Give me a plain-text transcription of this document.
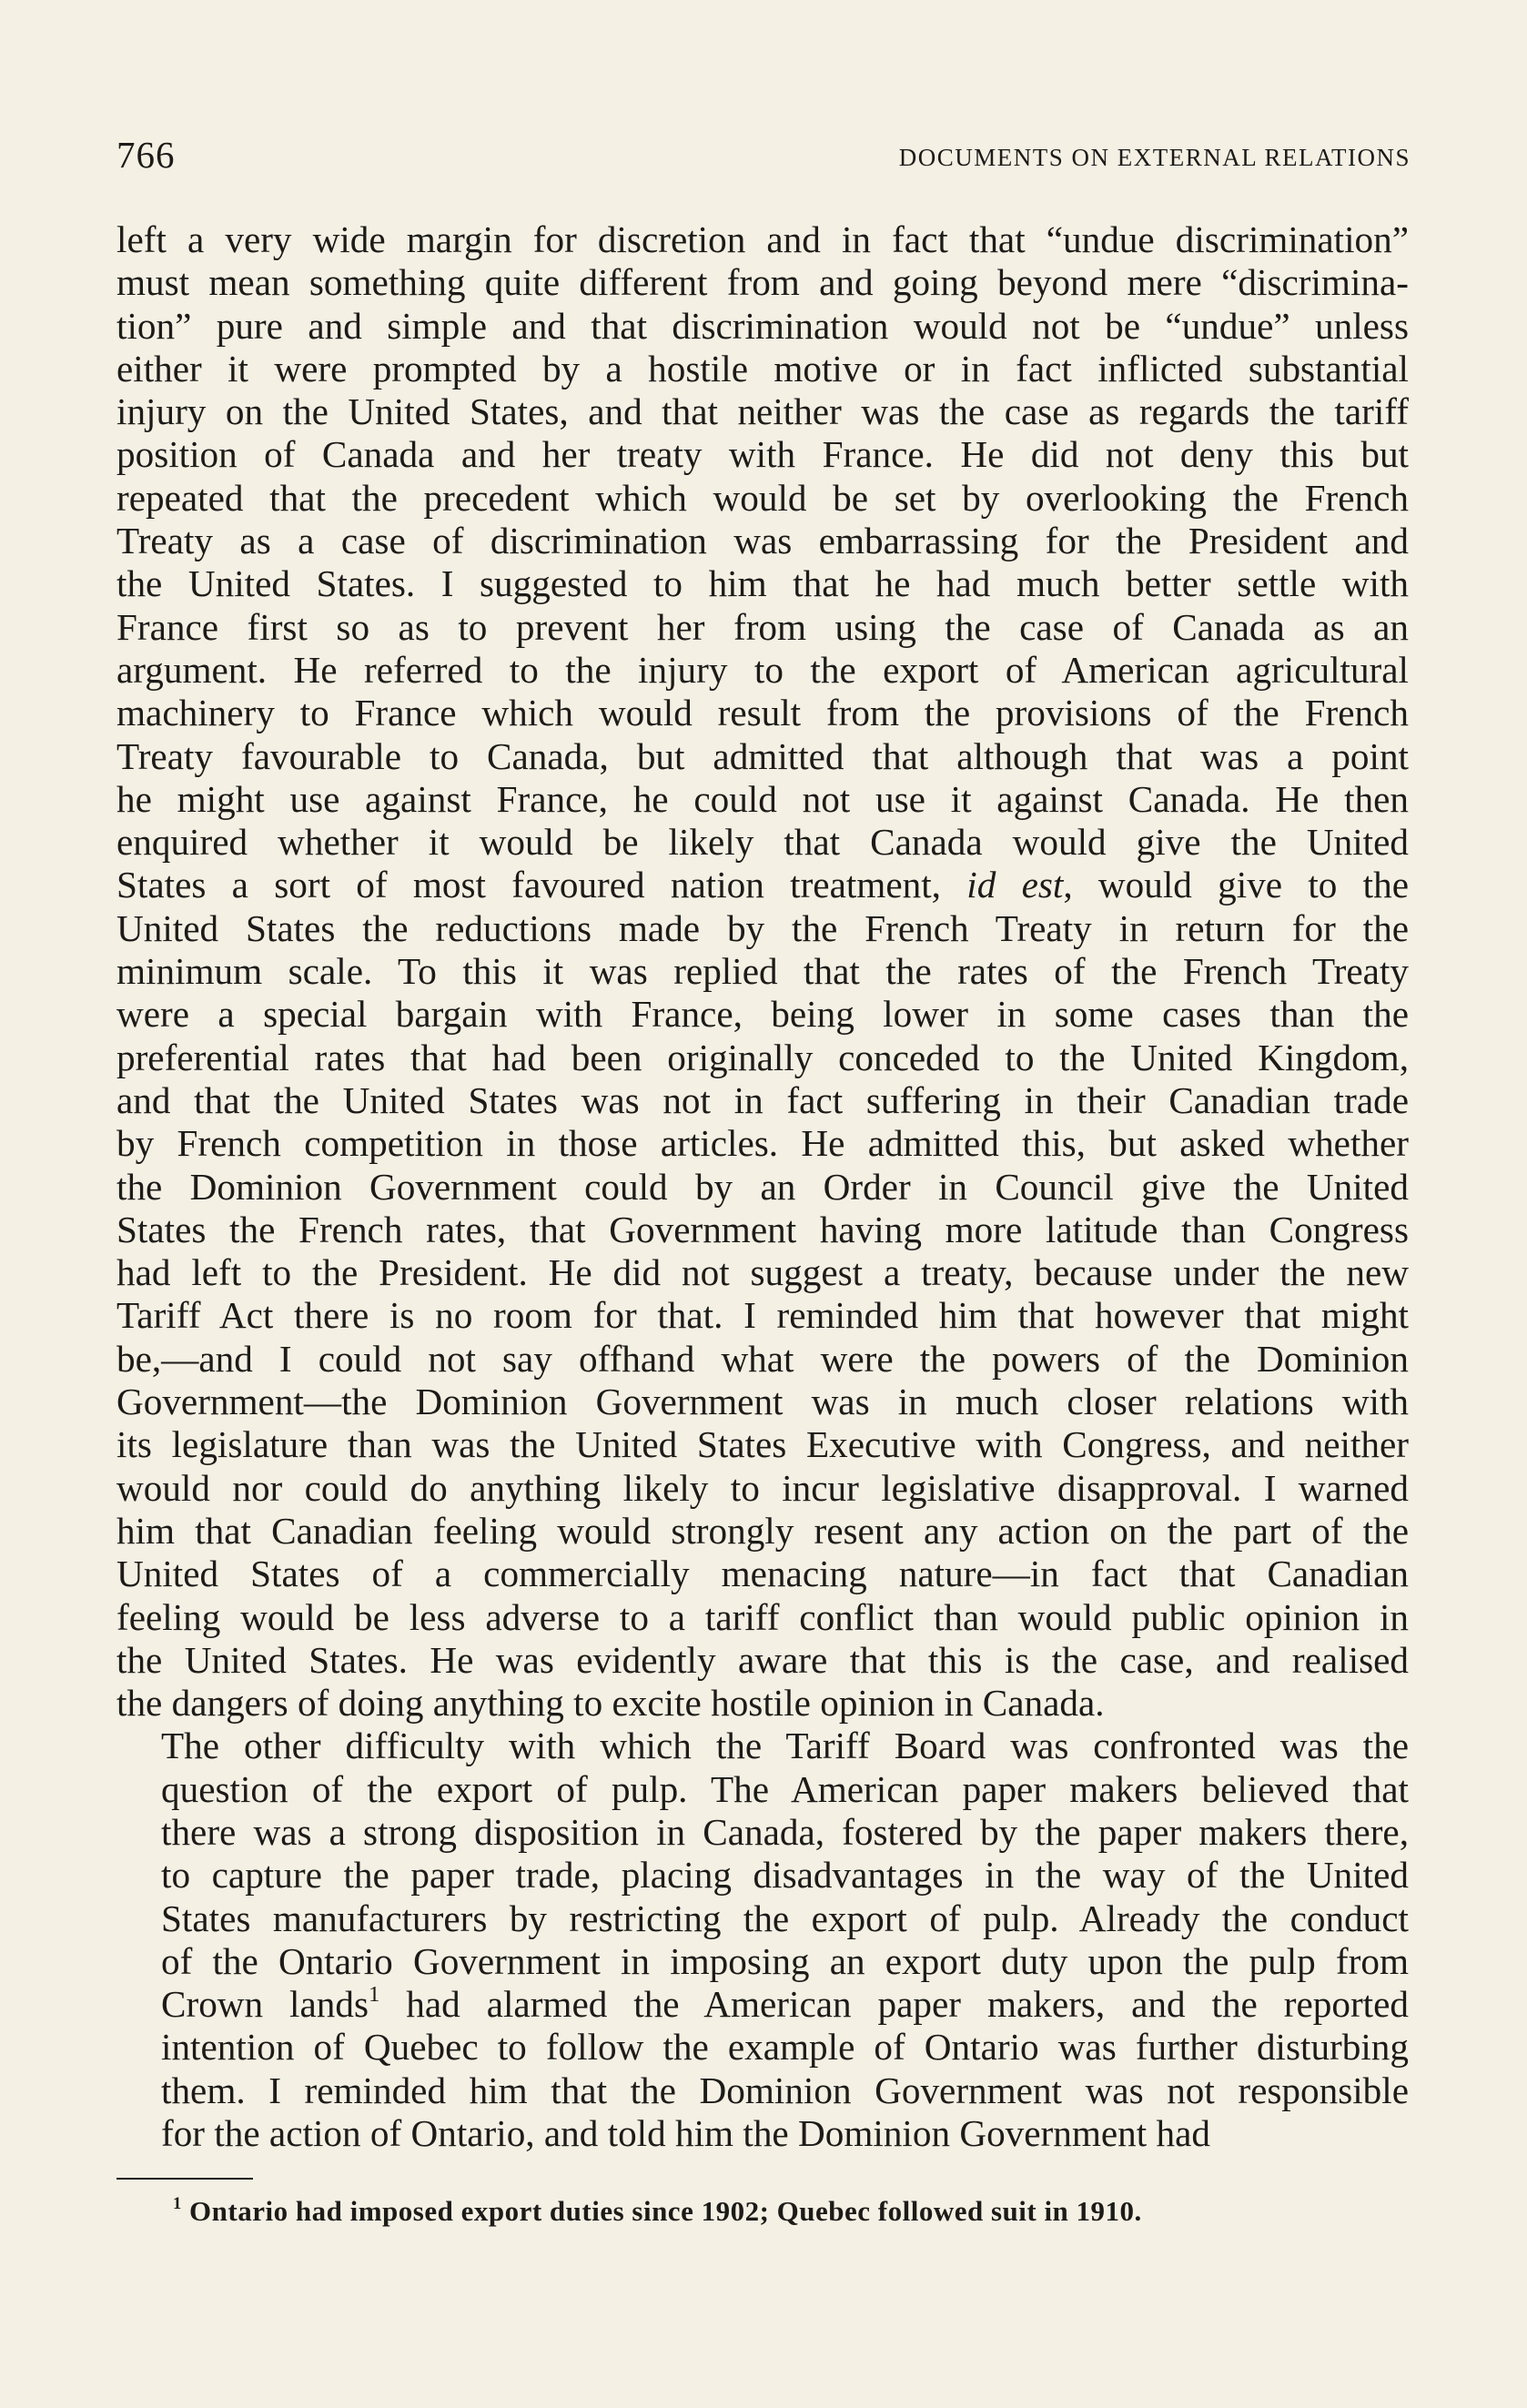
766	DOCUMENTS ON EXTERNAL RELATIONS

left a very wide margin for discretion and in fact that “undue discrimination”
must mean something quite different from and going beyond mere “discrimina-
tion” pure and simple and that discrimination would not be “undue” unless
either it were prompted by a hostile motive or in fact inflicted substantial
injury on the United States, and that neither was the case as regards the tariff
position of Canada and her treaty with France. He did not deny this but
repeated that the precedent which would be set by overlooking the French
Treaty as a case of discrimination was embarrassing for the President and
the United States. I suggested to him that he had much better settle with
France first so as to prevent her from using the case of Canada as an
argument. He referred to the injury to the export of American agricultural
machinery to France which would result from the provisions of the French
Treaty favourable to Canada, but admitted that although that was a point
he might use against France, he could not use it against Canada. He then
enquired whether it would be likely that Canada would give the United
States a sort of most favoured nation treatment, id est, would give to the
United States the reductions made by the French Treaty in return for the
minimum scale. To this it was replied that the rates of the French Treaty
were a special bargain with France, being lower in some cases than the
preferential rates that had been originally conceded to the United Kingdom,
and that the United States was not in fact suffering in their Canadian trade
by French competition in those articles. He admitted this, but asked whether
the Dominion Government could by an Order in Council give the United
States the French rates, that Government having more latitude than Congress
had left to the President. He did not suggest a treaty, because under the new
Tariff Act there is no room for that. I reminded him that however that might
be,—and I could not say offhand what were the powers of the Dominion
Government—the Dominion Government was in much closer relations with
its legislature than was the United States Executive with Congress, and neither
would nor could do anything likely to incur legislative disapproval. I warned
him that Canadian feeling would strongly resent any action on the part of the
United States of a commercially menacing nature—in fact that Canadian
feeling would be less adverse to a tariff conflict than would public opinion in
the United States. He was evidently aware that this is the case, and realised
the dangers of doing anything to excite hostile opinion in Canada.

The other difficulty with which the Tariff Board was confronted was the
question of the export of pulp. The American paper makers believed that
there was a strong disposition in Canada, fostered by the paper makers there,
to capture the paper trade, placing disadvantages in the way of the United
States manufacturers by restricting the export of pulp. Already the conduct
of the Ontario Government in imposing an export duty upon the pulp from
Crown lands$^1$ had alarmed the American paper makers, and the reported
intention of Quebec to follow the example of Ontario was further disturbing
them. I reminded him that the Dominion Government was not responsible
for the action of Ontario, and told him the Dominion Government had

$^1$ Ontario had imposed export duties since 1902; Quebec followed suit in 1910.
